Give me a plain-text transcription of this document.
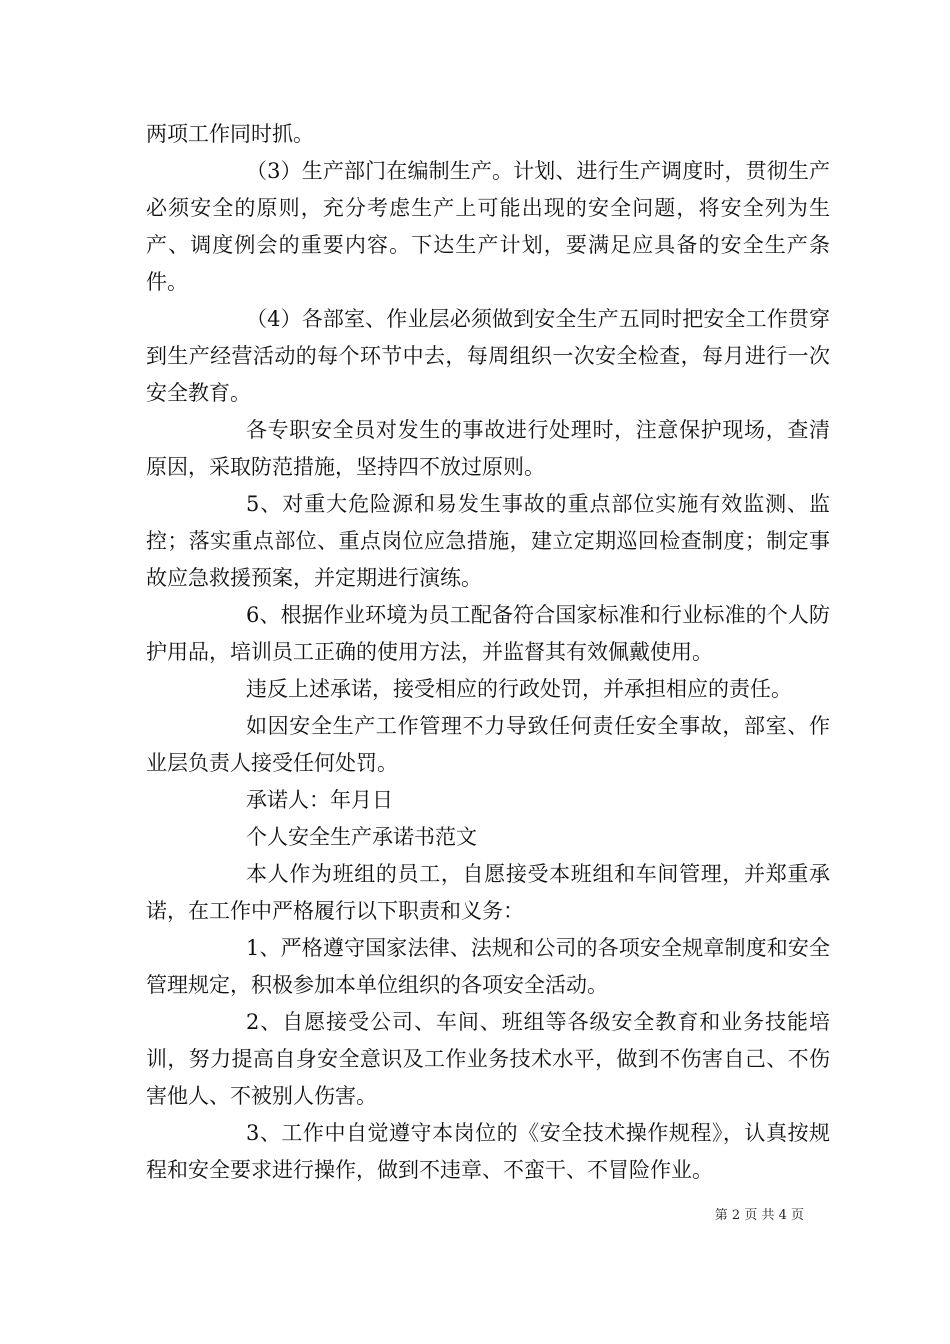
两项工作同时抓。

（3）生产部门在编制生产。计划、进行生产调度时，贯彻生产必须安全的原则，充分考虑生产上可能出现的安全问题，将安全列为生产、调度例会的重要内容。下达生产计划，要满足应具备的安全生产条件。

（4）各部室、作业层必须做到安全生产五同时把安全工作贯穿到生产经营活动的每个环节中去，每周组织一次安全检查，每月进行一次安全教育。

各专职安全员对发生的事故进行处理时，注意保护现场，查清原因，采取防范措施，坚持四不放过原则。

5、对重大危险源和易发生事故的重点部位实施有效监测、监控；落实重点部位、重点岗位应急措施，建立定期巡回检查制度；制定事故应急救援预案，并定期进行演练。

6、根据作业环境为员工配备符合国家标准和行业标准的个人防护用品，培训员工正确的使用方法，并监督其有效佩戴使用。

违反上述承诺，接受相应的行政处罚，并承担相应的责任。

如因安全生产工作管理不力导致任何责任安全事故，部室、作业层负责人接受任何处罚。

承诺人：年月日

个人安全生产承诺书范文

本人作为班组的员工，自愿接受本班组和车间管理，并郑重承诺，在工作中严格履行以下职责和义务：

1、严格遵守国家法律、法规和公司的各项安全规章制度和安全管理规定，积极参加本单位组织的各项安全活动。

2、自愿接受公司、车间、班组等各级安全教育和业务技能培训，努力提高自身安全意识及工作业务技术水平，做到不伤害自己、不伤害他人、不被别人伤害。

3、工作中自觉遵守本岗位的《安全技术操作规程》，认真按规程和安全要求进行操作，做到不违章、不蛮干、不冒险作业。

第 2 页 共 4 页
